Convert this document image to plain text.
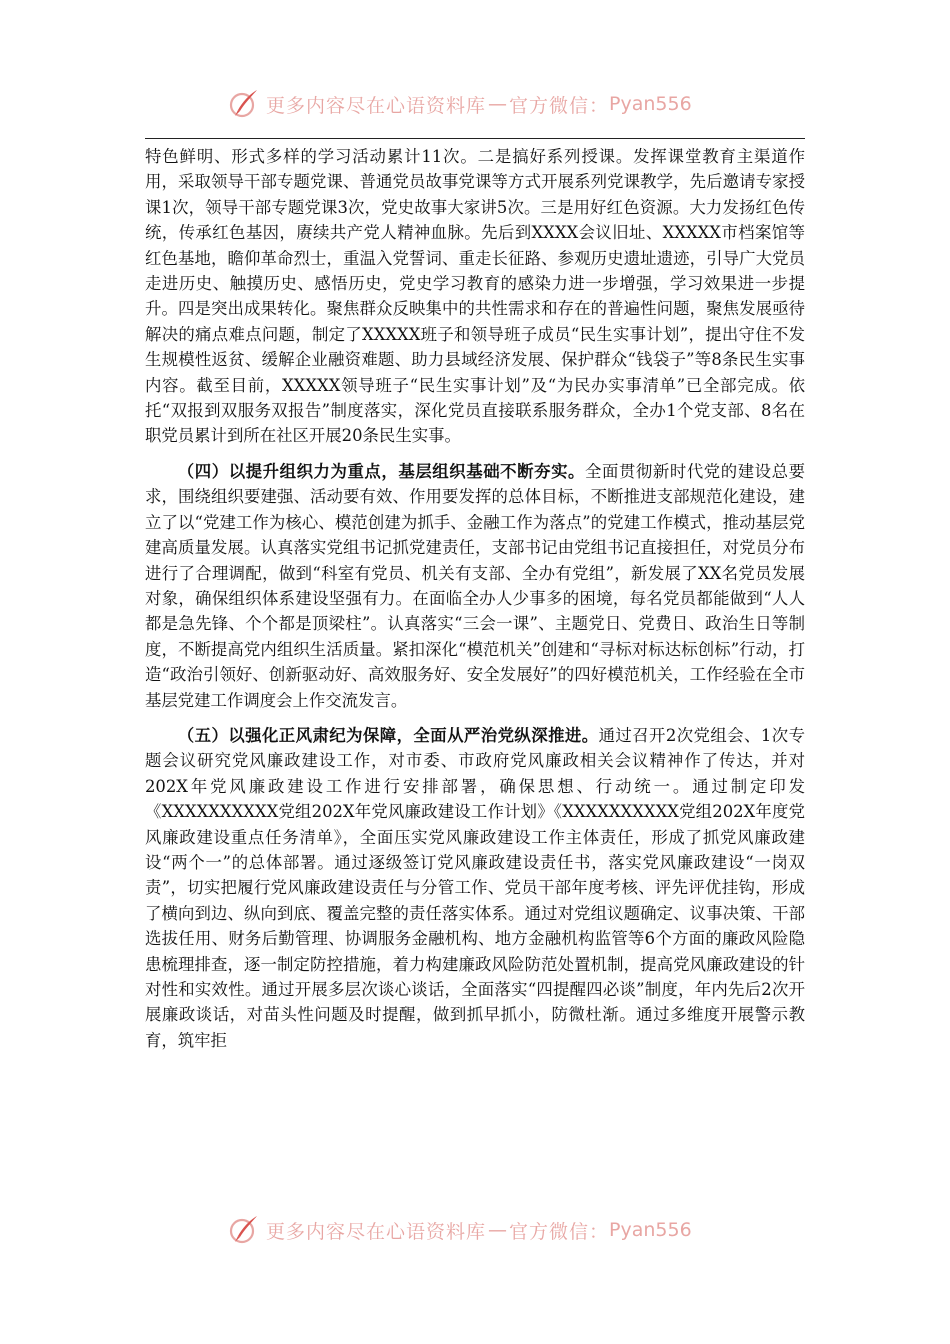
更多内容尽在心语资料库 — 官方微信： Pyan556

特色鲜明、形式多样的学习活动累计11次。二是搞好系列授课。发挥课堂教育主渠道作用，采取领导干部专题党课、普通党员故事党课等方式开展系列党课教学，先后邀请专家授课1次，领导干部专题党课3次，党史故事大家讲5次。三是用好红色资源。大力发扬红色传统，传承红色基因，赓续共产党人精神血脉。先后到XXXX会议旧址、XXXXX市档案馆等红色基地，瞻仰革命烈士，重温入党誓词、重走长征路、参观历史遗址遗迹，引导广大党员走进历史、触摸历史、感悟历史，党史学习教育的感染力进一步增强，学习效果进一步提升。四是突出成果转化。聚焦群众反映集中的共性需求和存在的普遍性问题，聚焦发展亟待解决的痛点难点问题，制定了XXXXX班子和领导班子成员“民生实事计划”，提出守住不发生规模性返贫、缓解企业融资难题、助力县域经济发展、保护群众“钱袋子”等8条民生实事内容。截至目前，XXXXX领导班子“民生实事计划”及“为民办实事清单”已全部完成。依托“双报到双服务双报告”制度落实，深化党员直接联系服务群众，全办1个党支部、8名在职党员累计到所在社区开展20条民生实事。

（四）以提升组织力为重点，基层组织基础不断夯实。全面贯彻新时代党的建设总要求，围绕组织要建强、活动要有效、作用要发挥的总体目标，不断推进支部规范化建设，建立了以“党建工作为核心、模范创建为抓手、金融工作为落点”的党建工作模式，推动基层党建高质量发展。认真落实党组书记抓党建责任，支部书记由党组书记直接担任，对党员分布进行了合理调配，做到“科室有党员、机关有支部、全办有党组”，新发展了XX名党员发展对象，确保组织体系建设坚强有力。在面临全办人少事多的困境，每名党员都能做到“人人都是急先锋、个个都是顶梁柱”。认真落实“三会一课”、主题党日、党费日、政治生日等制度，不断提高党内组织生活质量。紧扣深化“模范机关”创建和“寻标对标达标创标”行动，打造“政治引领好、创新驱动好、高效服务好、安全发展好”的四好模范机关，工作经验在全市基层党建工作调度会上作交流发言。

（五）以强化正风肃纪为保障，全面从严治党纵深推进。通过召开2次党组会、1次专题会议研究党风廉政建设工作，对市委、市政府党风廉政相关会议精神作了传达，并对202X年党风廉政建设工作进行安排部署，确保思想、行动统一。通过制定印发《XXXXXXXXXX党组202X年党风廉政建设工作计划》《XXXXXXXXXX党组202X年度党风廉政建设重点任务清单》，全面压实党风廉政建设工作主体责任，形成了抓党风廉政建设“两个一”的总体部署。通过逐级签订党风廉政建设责任书，落实党风廉政建设“一岗双责”，切实把履行党风廉政建设责任与分管工作、党员干部年度考核、评先评优挂钩，形成了横向到边、纵向到底、覆盖完整的责任落实体系。通过对党组议题确定、议事决策、干部选拔任用、财务后勤管理、协调服务金融机构、地方金融机构监管等6个方面的廉政风险隐患梳理排查，逐一制定防控措施，着力构建廉政风险防范处置机制，提高党风廉政建设的针对性和实效性。通过开展多层次谈心谈话，全面落实“四提醒四必谈”制度，年内先后2次开展廉政谈话，对苗头性问题及时提醒，做到抓早抓小，防微杜渐。通过多维度开展警示教育，筑牢拒

更多内容尽在心语资料库 — 官方微信： Pyan556
